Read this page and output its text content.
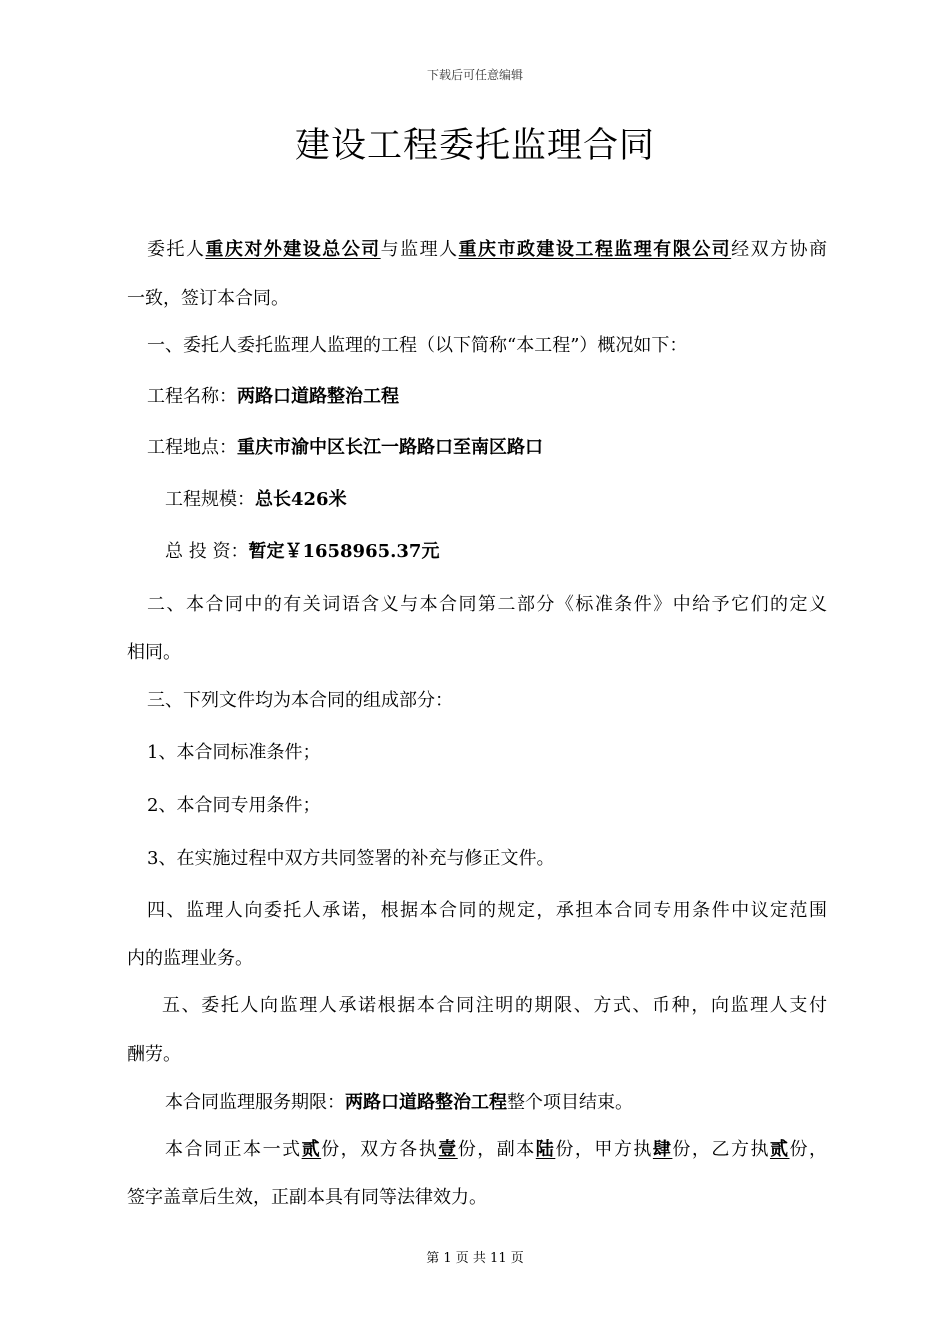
下载后可任意编辑
建设工程委托监理合同
委托人重庆对外建设总公司与监理人重庆市政建设工程监理有限公司经双方协商
一致，签订本合同。
一、委托人委托监理人监理的工程（以下简称“本工程”）概况如下：
工程名称：两路口道路整治工程
工程地点：重庆市渝中区长江一路路口至南区路口
工程规模：总长426米
总 投 资：暂定￥1658965.37元
二、本合同中的有关词语含义与本合同第二部分《标准条件》中给予它们的定义
相同。
三、下列文件均为本合同的组成部分：
1、本合同标准条件；
2、本合同专用条件；
3、在实施过程中双方共同签署的补充与修正文件。
四、监理人向委托人承诺，根据本合同的规定，承担本合同专用条件中议定范围
内的监理业务。
五、委托人向监理人承诺根据本合同注明的期限、方式、币种，向监理人支付
酬劳。
本合同监理服务期限：两路口道路整治工程整个项目结束。
本合同正本一式贰份，双方各执壹份，副本陆份，甲方执肆份，乙方执贰份，
签字盖章后生效，正副本具有同等法律效力。
第 1 页 共 11 页
